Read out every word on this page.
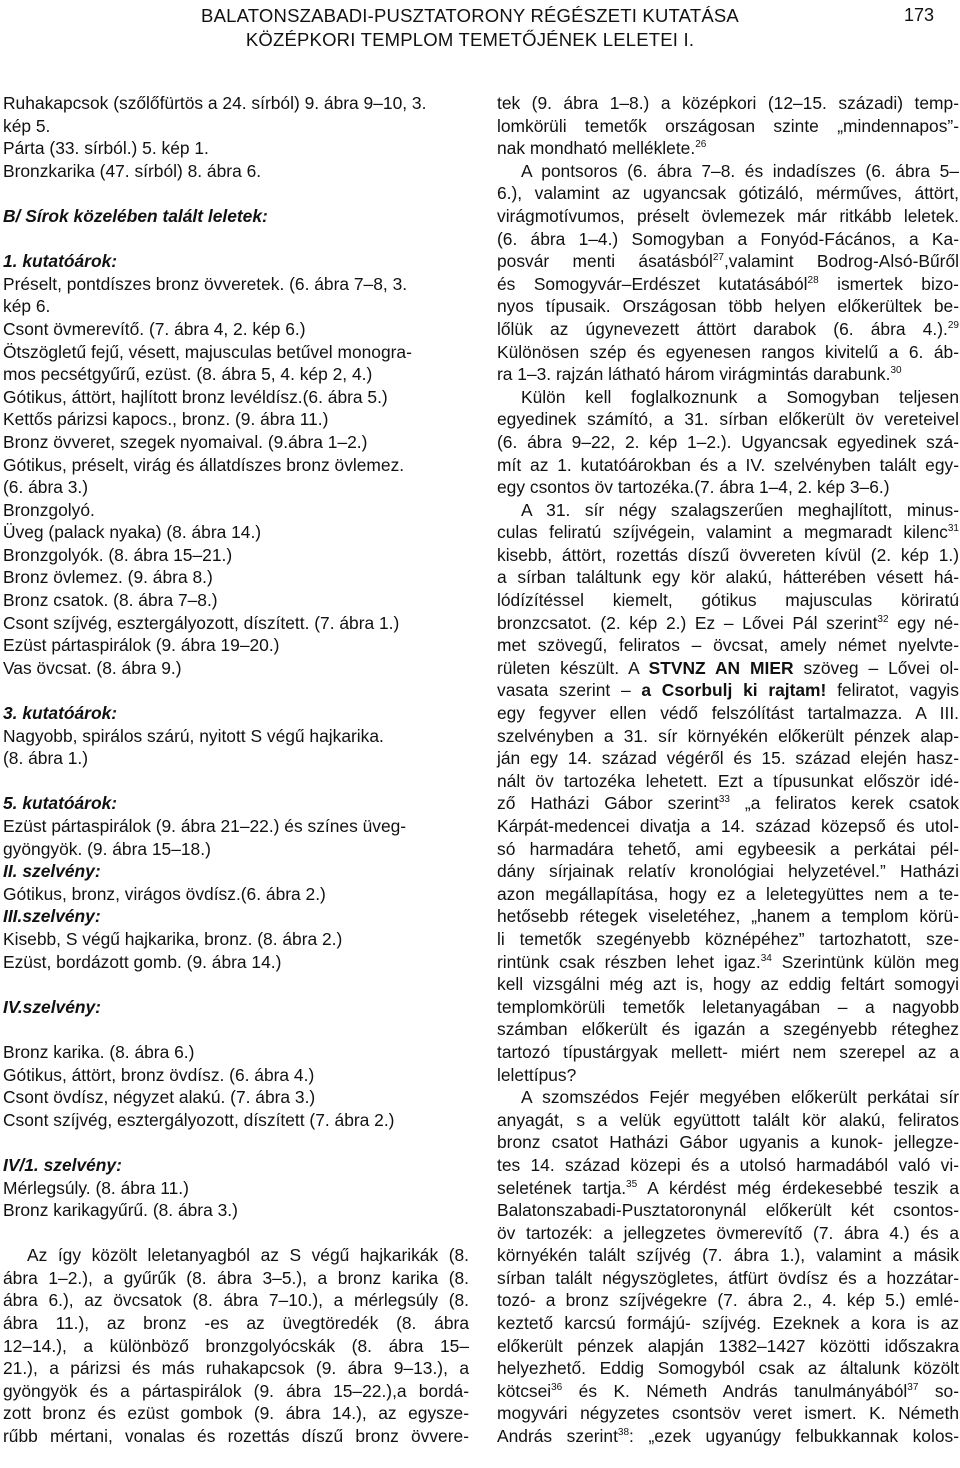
BALATONSZABADI-PUSZTATORONY RÉGÉSZETI KUTATÁSA
KÖZÉPKORI TEMPLOM TEMETŐJÉNEK LELETEI I.
173
Ruhakapcsok (szőlőfürtös a 24. sírból) 9. ábra 9–10, 3.
kép 5.
Párta (33. sírból.) 5. kép 1.
Bronzkarika (47. sírból) 8. ábra 6.
B/ Sírok közelében talált leletek:
1. kutatóárok:
Préselt, pontdíszes bronz övveretek. (6. ábra 7–8, 3.
kép 6.
Csont övmerevítő. (7. ábra 4, 2. kép 6.)
Ötszögletű fejű, vésett, majusculas betűvel monogra-
mos pecsétgyűrű, ezüst. (8. ábra 5, 4. kép 2, 4.)
Gótikus, áttört, hajlított bronz levéldísz.(6. ábra 5.)
Kettős párizsi kapocs., bronz. (9. ábra 11.)
Bronz övveret, szegek nyomaival. (9.ábra 1–2.)
Gótikus, préselt, virág és állatdíszes bronz övlemez.
(6. ábra 3.)
Bronzgolyó.
Üveg (palack nyaka) (8. ábra 14.)
Bronzgolyók. (8. ábra 15–21.)
Bronz övlemez. (9. ábra 8.)
Bronz csatok. (8. ábra 7–8.)
Csont szíjvég, esztergályozott, díszített. (7. ábra 1.)
Ezüst pártaspirálok (9. ábra 19–20.)
Vas övcsat. (8. ábra 9.)
3. kutatóárok:
Nagyobb, spirálos szárú, nyitott S végű hajkarika.
(8. ábra 1.)
5. kutatóárok:
Ezüst pártaspirálok (9. ábra 21–22.) és színes üveg-
gyöngyök. (9. ábra 15–18.)
II. szelvény:
Gótikus, bronz, virágos övdísz.(6. ábra 2.)
III.szelvény:
Kisebb, S végű hajkarika, bronz. (8. ábra 2.)
Ezüst, bordázott gomb. (9. ábra 14.)
IV.szelvény:
Bronz karika. (8. ábra 6.)
Gótikus, áttört, bronz övdísz. (6. ábra 4.)
Csont övdísz, négyzet alakú. (7. ábra 3.)
Csont szíjvég, esztergályozott, díszített (7. ábra 2.)
IV/1. szelvény:
Mérlegsúly. (8. ábra 11.)
Bronz karikagyűrű. (8. ábra 3.)
Az így közölt leletanyagból az S végű hajkarikák (8.
ábra 1–2.), a gyűrűk (8. ábra 3–5.), a bronz karika (8.
ábra 6.), az övcsatok (8. ábra 7–10.), a mérlegsúly (8.
ábra 11.), az bronz -es az üvegtöredék (8. ábra
12–14.), a különböző bronzgolyócskák (8. ábra 15–
21.), a párizsi és más ruhakapcsok (9. ábra 9–13.), a
gyöngyök és a pártaspirálok (9. ábra 15–22.),a bordá-
zott bronz és ezüst gombok (9. ábra 14.), az egysze-
rűbb mértani, vonalas és rozettás díszű bronz övvere-
tek (9. ábra 1–8.) a középkori (12–15. századi) temp-
lomkörüli temetők országosan szinte „mindennapos”-
nak mondható melléklete.$^{26}$
A pontsoros (6. ábra 7–8. és indadíszes (6. ábra 5–
6.), valamint az ugyancsak gótizáló, mérműves, áttört,
virágmotívumos, préselt övlemezek már ritkább leletek.
(6. ábra 1–4.) Somogyban a Fonyód-Fácános, a Ka-
posvár menti ásatásból$^{27}$,valamint Bodrog-Alsó-Bűről
és Somogyvár–Erdészet kutatásából$^{28}$ ismertek bizo-
nyos típusaik. Országosan több helyen előkerültek be-
lőlük az úgynevezett áttört darabok (6. ábra 4.).$^{29}$
Különösen szép és egyenesen rangos kivitelű a 6. áb-
ra 1–3. rajzán látható három virágmintás darabunk.$^{30}$
Külön kell foglalkoznunk a Somogyban teljesen
egyedinek számító, a 31. sírban előkerült öv vereteivel
(6. ábra 9–22, 2. kép 1–2.). Ugyancsak egyedinek szá-
mít az 1. kutatóárokban és a IV. szelvényben talált egy-
egy csontos öv tartozéka.(7. ábra 1–4, 2. kép 3–6.)
A 31. sír négy szalagszerűen meghajlított, minus-
culas feliratú szíjvégein, valamint a megmaradt kilenc$^{31}$
kisebb, áttört, rozettás díszű övvereten kívül (2. kép 1.)
a sírban találtunk egy kör alakú, hátterében vésett há-
lódízítéssel kiemelt, gótikus majusculas köriratú
bronzcsatot. (2. kép 2.) Ez – Lővei Pál szerint$^{32}$ egy né-
met szövegű, feliratos – övcsat, amely német nyelvte-
rületen készült. A STVNZ AN MIER szöveg – Lővei ol-
vasata szerint – a Csorbulj ki rajtam! feliratot, vagyis
egy fegyver ellen védő felszólítást tartalmazza. A III.
szelvényben a 31. sír környékén előkerült pénzek alap-
ján egy 14. század végéről és 15. század elején hasz-
nált öv tartozéka lehetett. Ezt a típusunkat először idé-
ző Hatházi Gábor szerint$^{33}$ „a feliratos kerek csatok
Kárpát-medencei divatja a 14. század közepső és utol-
só harmadára tehető, ami egybeesik a perkátai pél-
dány sírjainak relatív kronológiai helyzetével.” Hatházi
azon megállapítása, hogy ez a leletegyüttes nem a te-
hetősebb rétegek viseletéhez, „hanem a templom körü-
li temetők szegényebb köznépéhez” tartozhatott, sze-
rintünk csak részben lehet igaz.$^{34}$ Szerintünk külön meg
kell vizsgálni még azt is, hogy az eddig feltárt somogyi
templomkörüli temetők leletanyagában – a nagyobb
számban előkerült és igazán a szegényebb réteghez
tartozó típustárgyak mellett- miért nem szerepel az a
lelettípus?
A szomszédos Fejér megyében előkerült perkátai sír
anyagát, s a velük együttott talált kör alakú, feliratos
bronz csatot Hatházi Gábor ugyanis a kunok- jellegze-
tes 14. század közepi és a utolsó harmadából való vi-
seletének tartja.$^{35}$ A kérdést még érdekesebbé teszik a
Balatonszabadi-Pusztatoronynál előkerült két csontos-
öv tartozék: a jellegzetes övmerevítő (7. ábra 4.) és a
környékén talált szíjvég (7. ábra 1.), valamint a másik
sírban talált négyszögletes, átfürt övdísz és a hozzátar-
tozó- a bronz szíjvégekre (7. ábra 2., 4. kép 5.) emlé-
keztető karcsú formájú- szíjvég. Ezeknek a kora is az
előkerült pénzek alapján 1382–1427 közötti időszakra
helyezhető. Eddig Somogyból csak az általunk közölt
kötcsei$^{36}$ és K. Németh András tanulmányából$^{37}$ so-
mogyvári négyzetes csontsöv veret ismert. K. Németh
András szerint$^{38}$: „ezek ugyanúgy felbukkannak kolos-
